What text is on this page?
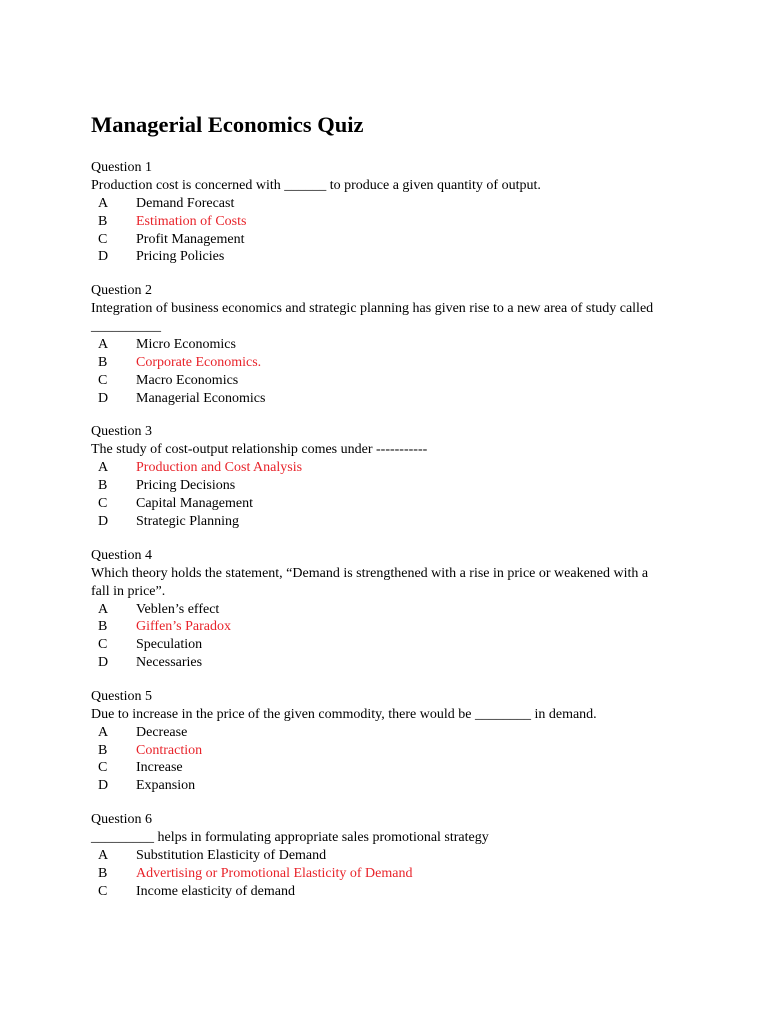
Managerial Economics Quiz
Question 1
Production cost is concerned with ______ to produce a given quantity of output.
A	Demand Forecast
B	Estimation of Costs
C	Profit Management
D	Pricing Policies
Question 2
Integration of business economics and strategic planning has given rise to a new area of study called __________
A	Micro Economics
B	Corporate Economics.
C	Macro Economics
D	Managerial Economics
Question 3
The study of cost-output relationship comes under -----------
A	Production and Cost Analysis
B	Pricing Decisions
C	Capital Management
D	Strategic Planning
Question 4
Which theory holds the statement, “Demand is strengthened with a rise in price or weakened with a fall in price”.
A	Veblen’s effect
B	Giffen’s Paradox
C	Speculation
D	Necessaries
Question 5
Due to increase in the price of the given commodity, there would be ________ in demand.
A	Decrease
B	Contraction
C	Increase
D	Expansion
Question 6
_________ helps in formulating appropriate sales promotional strategy
A	Substitution Elasticity of Demand
B	Advertising or Promotional Elasticity of Demand
C	Income elasticity of demand
